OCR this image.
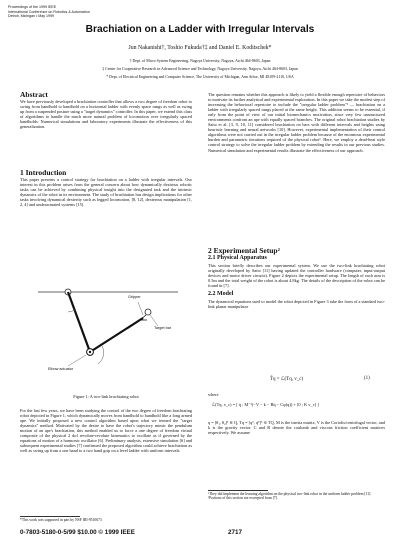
Proceedings of the 1999 IEEE
International Conference on Robotics & Automation
Detroit, Michigan • May 1999
Brachiation on a Ladder with Irregular Intervals
Jun Nakanishi†, Toshio Fukuda†‡ and Daniel E. Koditschek*
† Dept. of Micro System Engineering, Nagoya University, Nagoya, Aichi 464-8603, Japan
‡ Center for Cooperative Research in Advanced Science and Technology, Nagoya University, Nagoya, Aichi 464-8603, Japan
* Dept. of Electrical Engineering and Computer Science, The University of Michigan, Ann Arbor, MI 48109-2110, USA
Abstract

We have previously developed a brachiation controller that allows a two degree of freedom robot to swing from handhold to handhold on a horizontal ladder with evenly space rungs as well as swing up from a suspended posture using a "target dynamics" controller. In this paper, we extend this class of algorithms to handle the much more natural problem of locomotion over irregularly spaced handholds. Numerical simulations and laboratory experiments illustrate the effectiveness of this generalization.

1 Introduction

This paper presents a control strategy for brachiation on a ladder with irregular intervals. Our interest in this problem arises from the general concern about how dynamically dextrous robotic tasks can be achieved by combining physical insight into the designated task and the intrinsic dynamics of the robot in its environment. The study of brachiation has design implications for other tasks involving dynamical dexterity such as legged locomotion, [8, 12], dexterous manipulation [1, 2, 4] and underactuated systems [15].

Gripper
Target bar
Elbow actuator
Figure 1: A two-link brachiating robot
For the last few years, we have been studying the control of the two degree of freedom brachiating robot depicted in Figure 1, which dynamically moves from handhold to handhold like a long armed ape. We initially proposed a new control algorithm based upon what we termed the "target dynamics" method. Motivated by the desire to have the robot's trajectory mimic the pendulum motion of an ape's brachiation, this method enabled us to force a one degree of freedom virtual composite of the physical 2 dof revolute-revolute kinematics to oscillate as if governed by the equations of motion of a harmonic oscillator [6]. Preliminary analysis, extensive simulation [6] and subsequent experimental studies [7] confirmed the proposed algorithm could achieve brachiation as well as swing up from a one hand to a two hand grip on a level ladder with uniform intervals.
*This work was supported in part by NSF IRI-9510673
0-7803-5180-0-5/99 $10.00 © 1999 IEEE	2717
The question remains whether this approach is likely to yield a flexible enough repertoire of behaviors to motivate its further analytical and experimental exploration. In this paper we take the modest step of increasing the behavioral repertoire to include the "irregular ladder problem"¹ — brachiation on a ladder with irregularly spaced rungs placed at the same height. This addition seems to be essential, if only from the point of view of our initial biomechanics motivation, since very few unstructured environments confront an ape with equally spaced branches. The original robot brachiation studies by Saito et al. [3, 9, 10, 11] considered brachiation on bars with different intervals and heights using heuristic learning and neural networks [10]. However, experimental implementation of their control algorithms were not carried out in the irregular ladder problem because of the enormous experimental burden and parametric iterations required of the physical robot¹. Here, we employ a dead-beat style control strategy to solve the irregular ladder problem by extending the results in our previous studies. Numerical simulation and experimental results illustrate the effectiveness of our approach.
2 Experimental Setup²
2.1 Physical Apparatus

This section briefly describes our experimental system. We use the two-link brachiating robot originally developed by Saito [11] having updated the controller hardware (computer, input-output devices and motor driver circuits). Figure 2 depicts the experimental setup. The length of each arm is 0.5m and the total weight of the robot is about 4.8kg. The details of the description of the robot can be found in [7].

2.2 Model

The dynamical equations used to model the robot depicted in Figure 3 take the form of a standard two-link planar manipulator

T̄q = ℒ(Tq, v_c)	(1)
where
ℒ(Tq, v_c) = [ q̇ ; M⁻¹(−V − k − Bq̇ − Cφ(q)) + [0 ; K v_c] ]
q = [θ₁, θ₂]ᵀ ∈ Q, Tq = [qᵀ, q̇ᵀ]ᵀ ∈ TQ, M is the inertia matrix, V is the Coriolis/centrifugal vector, and k is the gravity vector. C and B denote the coulomb and viscous friction coefficient matrices respectively. We assume
¹They did implement the learning algorithm on the physical two-link robot in the uniform ladder problem [11].
²Portions of this section are excerpted from [7].
